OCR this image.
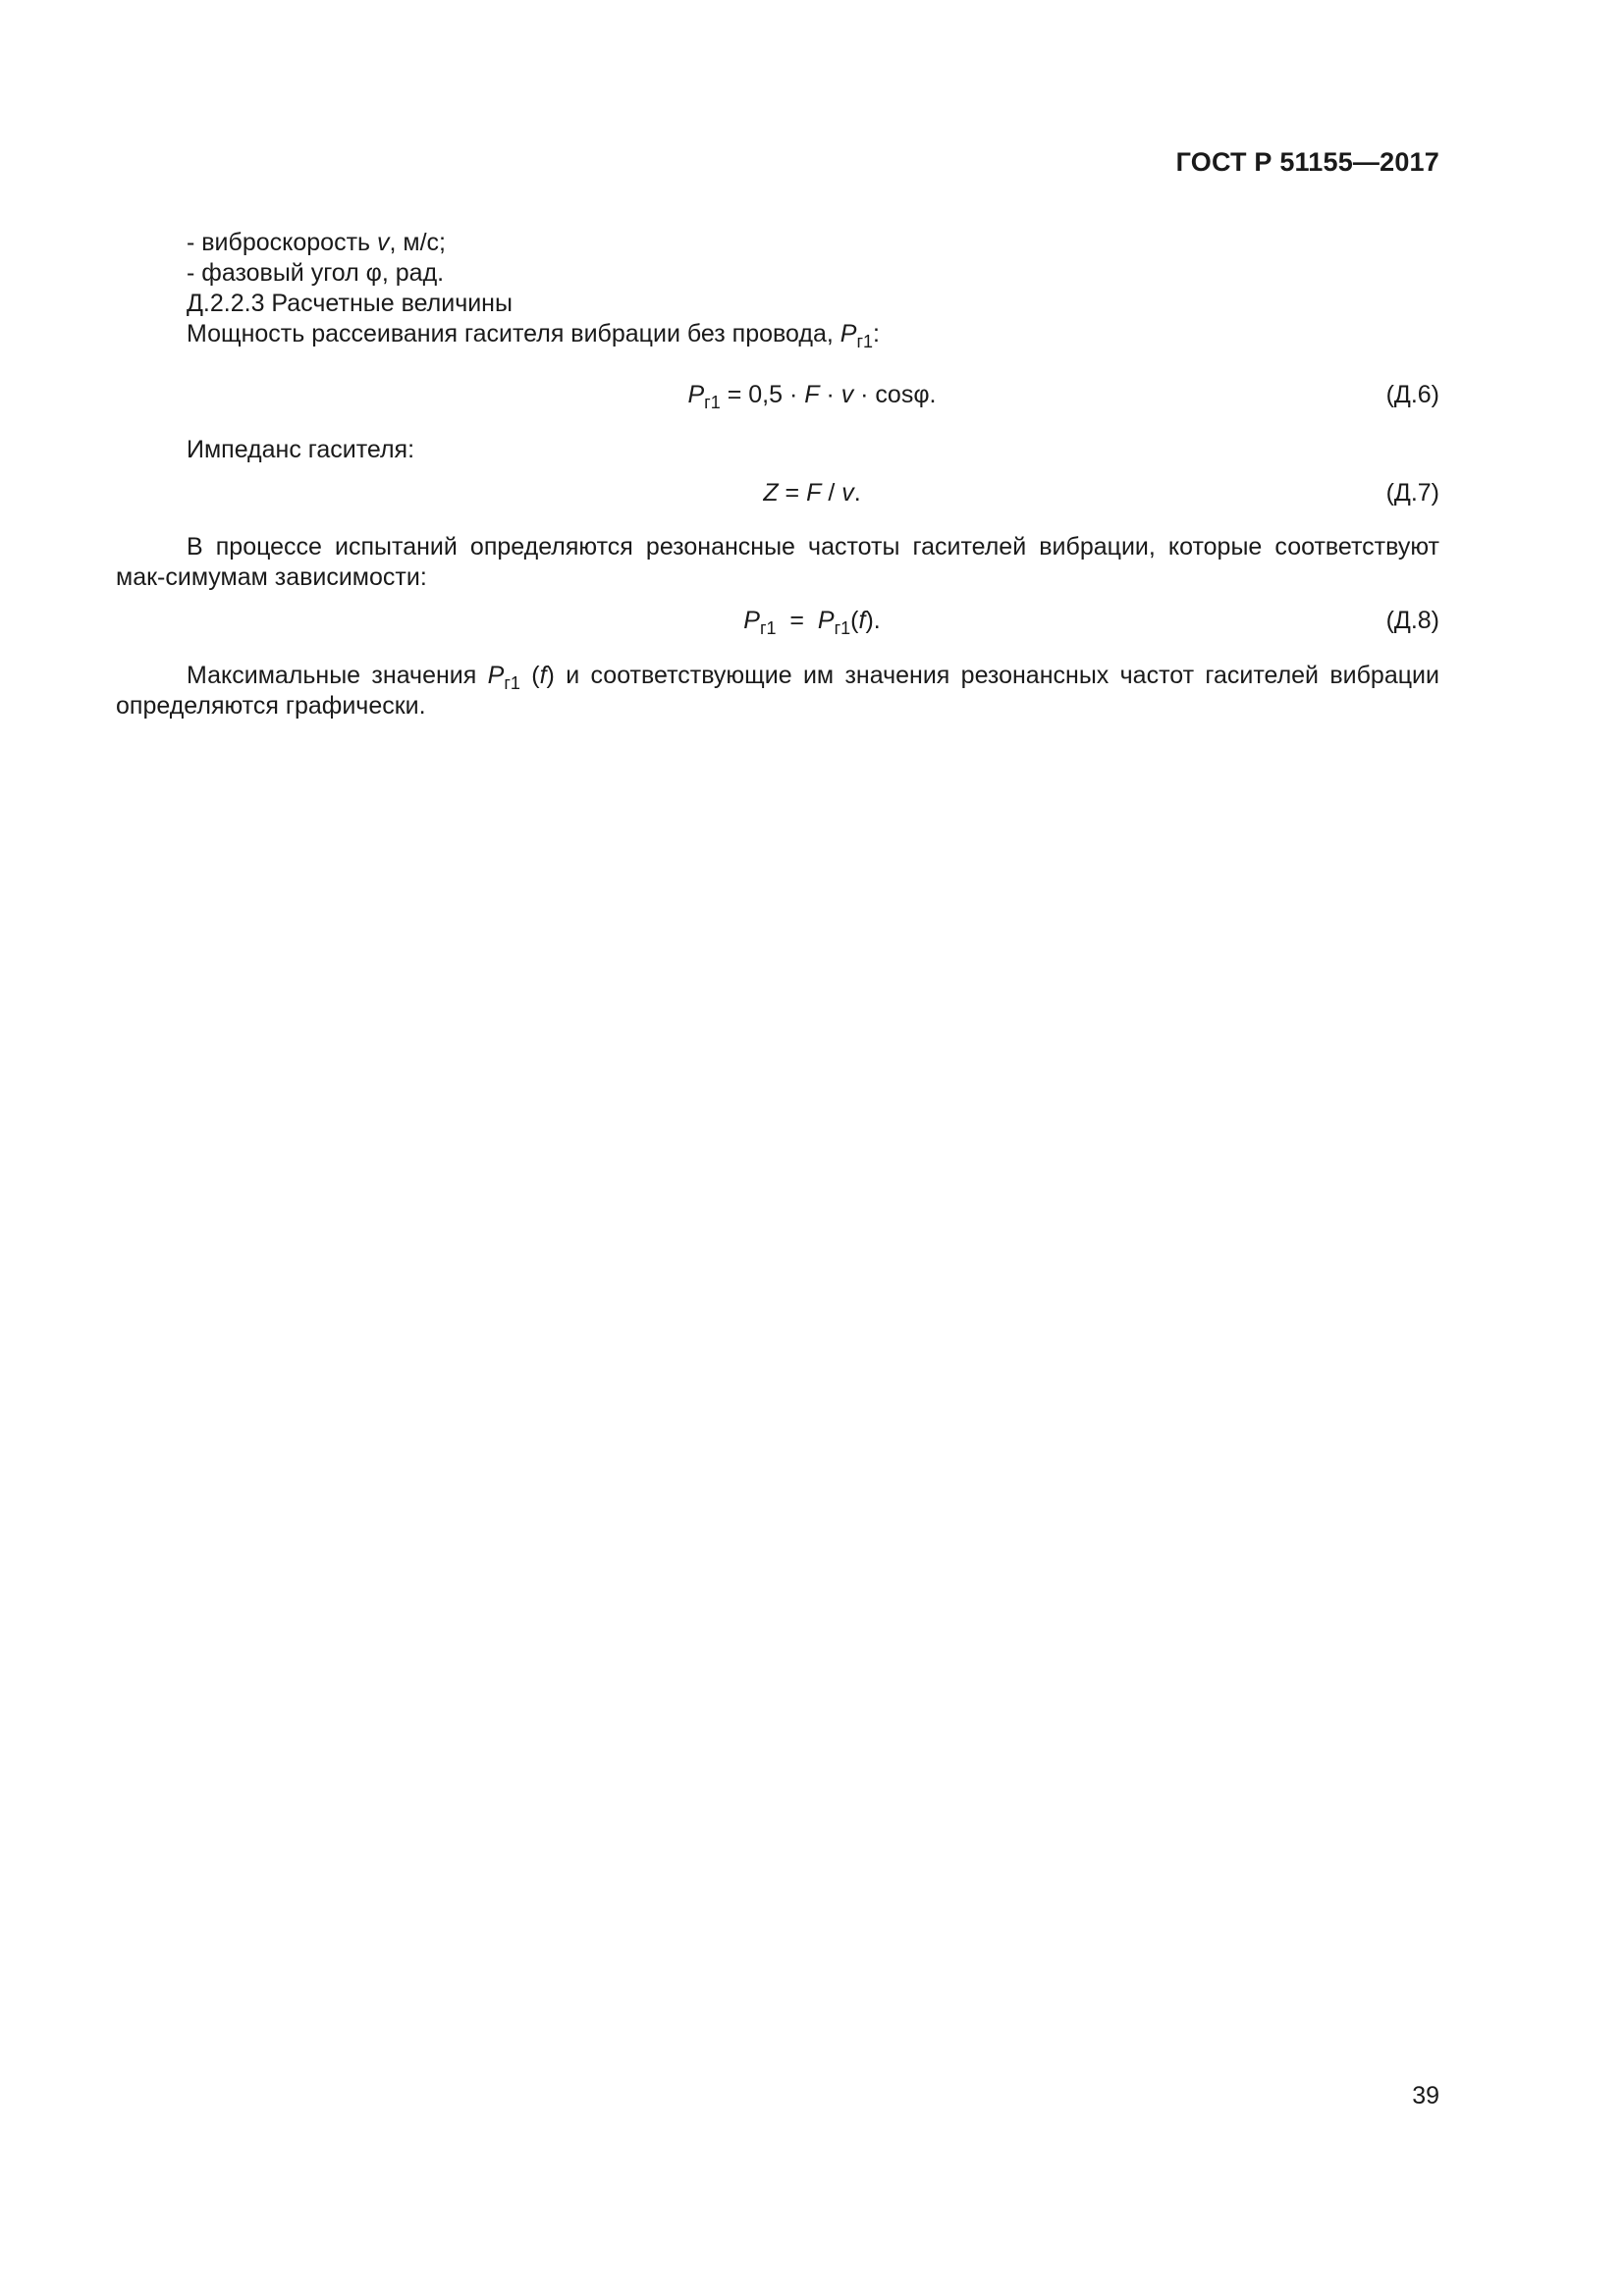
ГОСТ Р 51155—2017
- виброскорость v, м/с;
- фазовый угол φ, рад.
Д.2.2.3 Расчетные величины
Мощность рассеивания гасителя вибрации без провода, $P_{г1}$:
$P_{г1} = 0,5 \cdot F \cdot v \cdot \cos\varphi$.	(Д.6)
Импеданс гасителя:
Z = F / v.	(Д.7)
В процессе испытаний определяются резонансные частоты гасителей вибрации, которые соответствуют мак-симумам зависимости:
$P_{г1} = P_{г1}(f)$.	(Д.8)
Максимальные значения $P_{г1}$ (f) и соответствующие им значения резонансных частот гасителей вибрации определяются графически.
39
